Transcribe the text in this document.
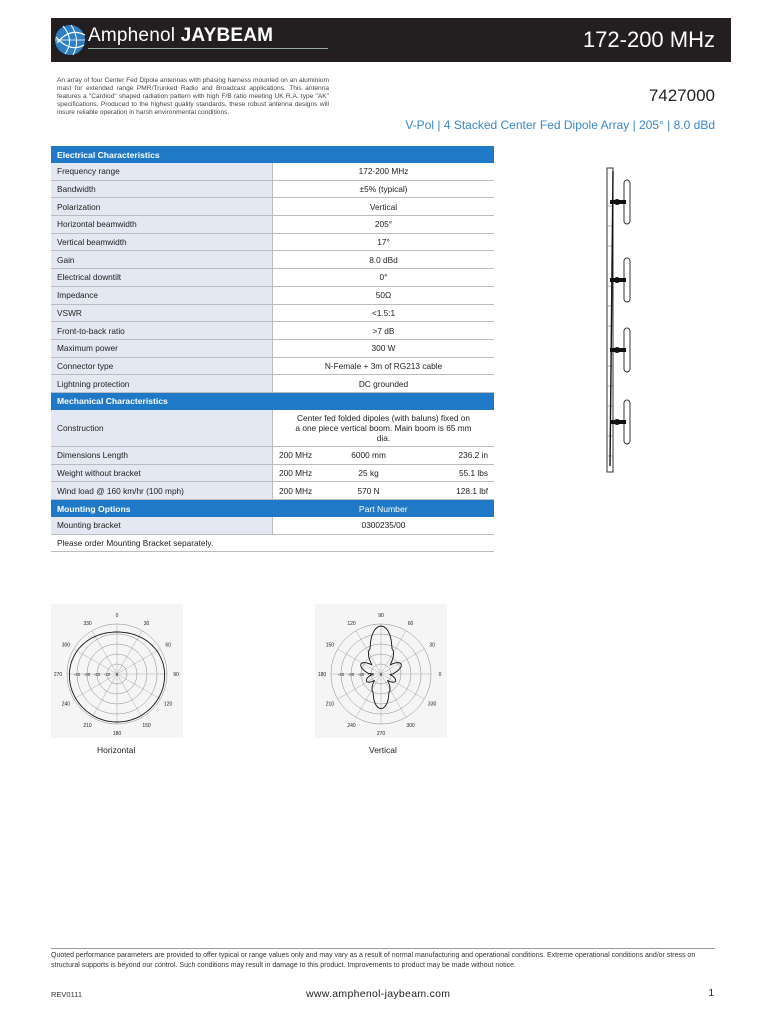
Amphenol JAYBEAM	172-200 MHz
An array of four Center Fed Dipole antennas with phasing harness mounted on an aluminium mast for extended range PMR/Trunked Radio and Broadcast applications. This antenna features a "Cardiod" shaped radiation pattern with high F/B ratio meeting UK R.A. type "AK" specifications. Produced to the highest quality standards, these robust antenna designs will insure reliable operation in harsh environmental conditions.
7427000
V-Pol | 4 Stacked Center Fed Dipole Array | 205° | 8.0 dBd
Electrical Characteristics	
Frequency range	172-200 MHz
Bandwidth	±5% (typical)
Polarization	Vertical
Horizontal beamwidth	205°
Vertical beamwidth	17°
Gain	8.0 dBd
Electrical downtilt	0°
Impedance	50Ω
VSWR	<1.5:1
Front-to-back ratio	>7 dB
Maximum power	300 W
Connector type	N-Female + 3m of RG213 cable
Lightning protection	DC grounded
Mechanical Characteristics	
Construction	Center fed folded dipoles (with baluns) fixed on a one piece vertical boom. Main boom is 65 mm dia.
Dimensions Length	200 MHz 6000 mm 236.2 in

Weight without bracket	200 MHz 25 kg 55.1 lbs

Wind load @ 160 km/hr (100 mph)	200 MHz 570 N 128.1 lbf

Mounting Options	Part Number
Mounting bracket	0300235/00
Please order Mounting Bracket separately.	
0
30
60
90
120
150
180
210
240
270
300
330
-40 -30 -20 -10 0
Horizontal
0
30
60
90
120
150
180
210
240
270
300
330
-40 -30 -20 -10 0
Vertical
Quoted performance parameters are provided to offer typical or range values only and may vary as a result of normal manufacturing and operational conditions. Extreme operational conditions and/or stress on structural supports is beyond our control. Such conditions may result in damage to this product. Improvements to product may be made without notice.
REV0111	www.amphenol-jaybeam.com	1
